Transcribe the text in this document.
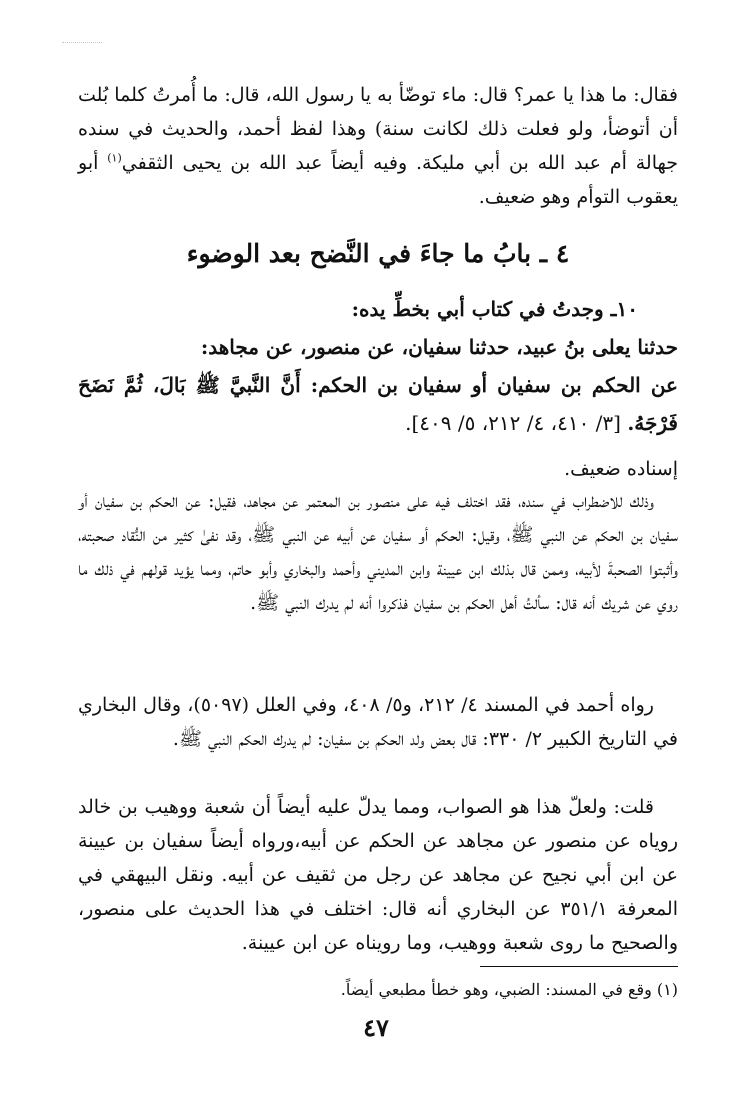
فقال: ما هذا يا عمر؟ قال: ماء توضّأ به يا رسول الله، قال: ما أُمرتُ كلما بُلت أن أتوضأ، ولو فعلت ذلك لكانت سنة) وهذا لفظ أحمد، والحديث في سنده جهالة أم عبد الله بن أبي مليكة. وفيه أيضاً عبد الله بن يحيى الثقفي$^{(١)}$ أبو يعقوب التوأم وهو ضعيف.
٤ ـ بابُ ما جاءَ في النَّضح بعد الوضوء
١٠ـ وجدتُ في كتاب أبي بخطِّ يده:
حدثنا يعلى بنُ عبيد، حدثنا سفيان، عن منصور، عن مجاهد:
عن الحكم بن سفيان أو سفيان بن الحكم: أَنَّ النَّبيَّ ﷺ بَالَ، ثُمَّ نَضَحَ فَرْجَهُ. [٣/ ٤١٠، ٤/ ٢١٢، ٥/ ٤٠٩].
إسناده ضعيف.
وذلك للاضطراب في سنده، فقد اختلف فيه على منصور بن المعتمر عن مجاهد، فقيل: عن الحكم بن سفيان أو سفيان بن الحكم عن النبي ﷺ، وقيل: الحكم أو سفيان عن أبيه عن النبي ﷺ، وقد نفىٰ كثير من النُّقاد صحبته، وأثبتوا الصحبةَ لأبيه، وممن قال بذلك ابن عيينة وابن المديني وأحمد والبخاري وأبو حاتم، ومما يؤيد قولهم في ذلك ما روي عن شريك أنه قال: سألتُ أهل الحكم بن سفيان فذكروا أنه لم يدرك النبي ﷺ.
رواه أحمد في المسند ٤/ ٢١٢، و٥/ ٤٠٨، وفي العلل (٥٠٩٧)، وقال البخاري في التاريخ الكبير ٢/ ٣٣٠: قال بعض ولد الحكم بن سفيان: لم يدرك الحكم النبي ﷺ.
قلت: ولعلّ هذا هو الصواب، ومما يدلّ عليه أيضاً أن شعبة ووهيب بن خالد روياه عن منصور عن مجاهد عن الحكم عن أبيه،ورواه أيضاً سفيان بن عيينة عن ابن أبي نجيح عن مجاهد عن رجل من ثقيف عن أبيه. ونقل البيهقي في المعرفة ٣٥١/١ عن البخاري أنه قال: اختلف في هذا الحديث على منصور، والصحيح ما روى شعبة ووهيب، وما رويناه عن ابن عيينة.
(١) وقع في المسند: الضبي، وهو خطأ مطبعي أيضاً.
٤٧
